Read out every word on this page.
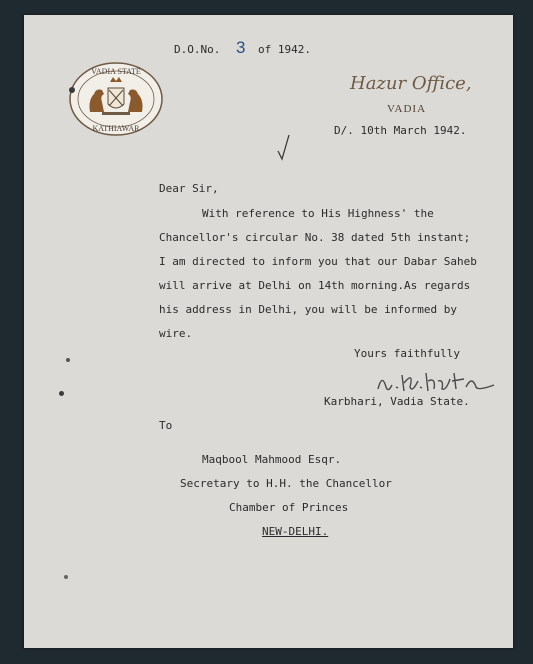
VADIA STATE
KATHIAWAR
D.O.No. 3 of 1942.
Hazur Office,
VADIA
D/. 10th March 1942.
Dear Sir,
With reference to His Highness' the
Chancellor's circular No. 38 dated 5th instant;
I am directed to inform you that our Dabar Saheb
will arrive at Delhi on 14th morning.As regards
his address in Delhi, you will be informed by
wire.
Yours faithfully
Karbhari, Vadia State.
To
Maqbool Mahmood Esqr.
Secretary to H.H. the Chancellor
Chamber of Princes
NEW-DELHI.
